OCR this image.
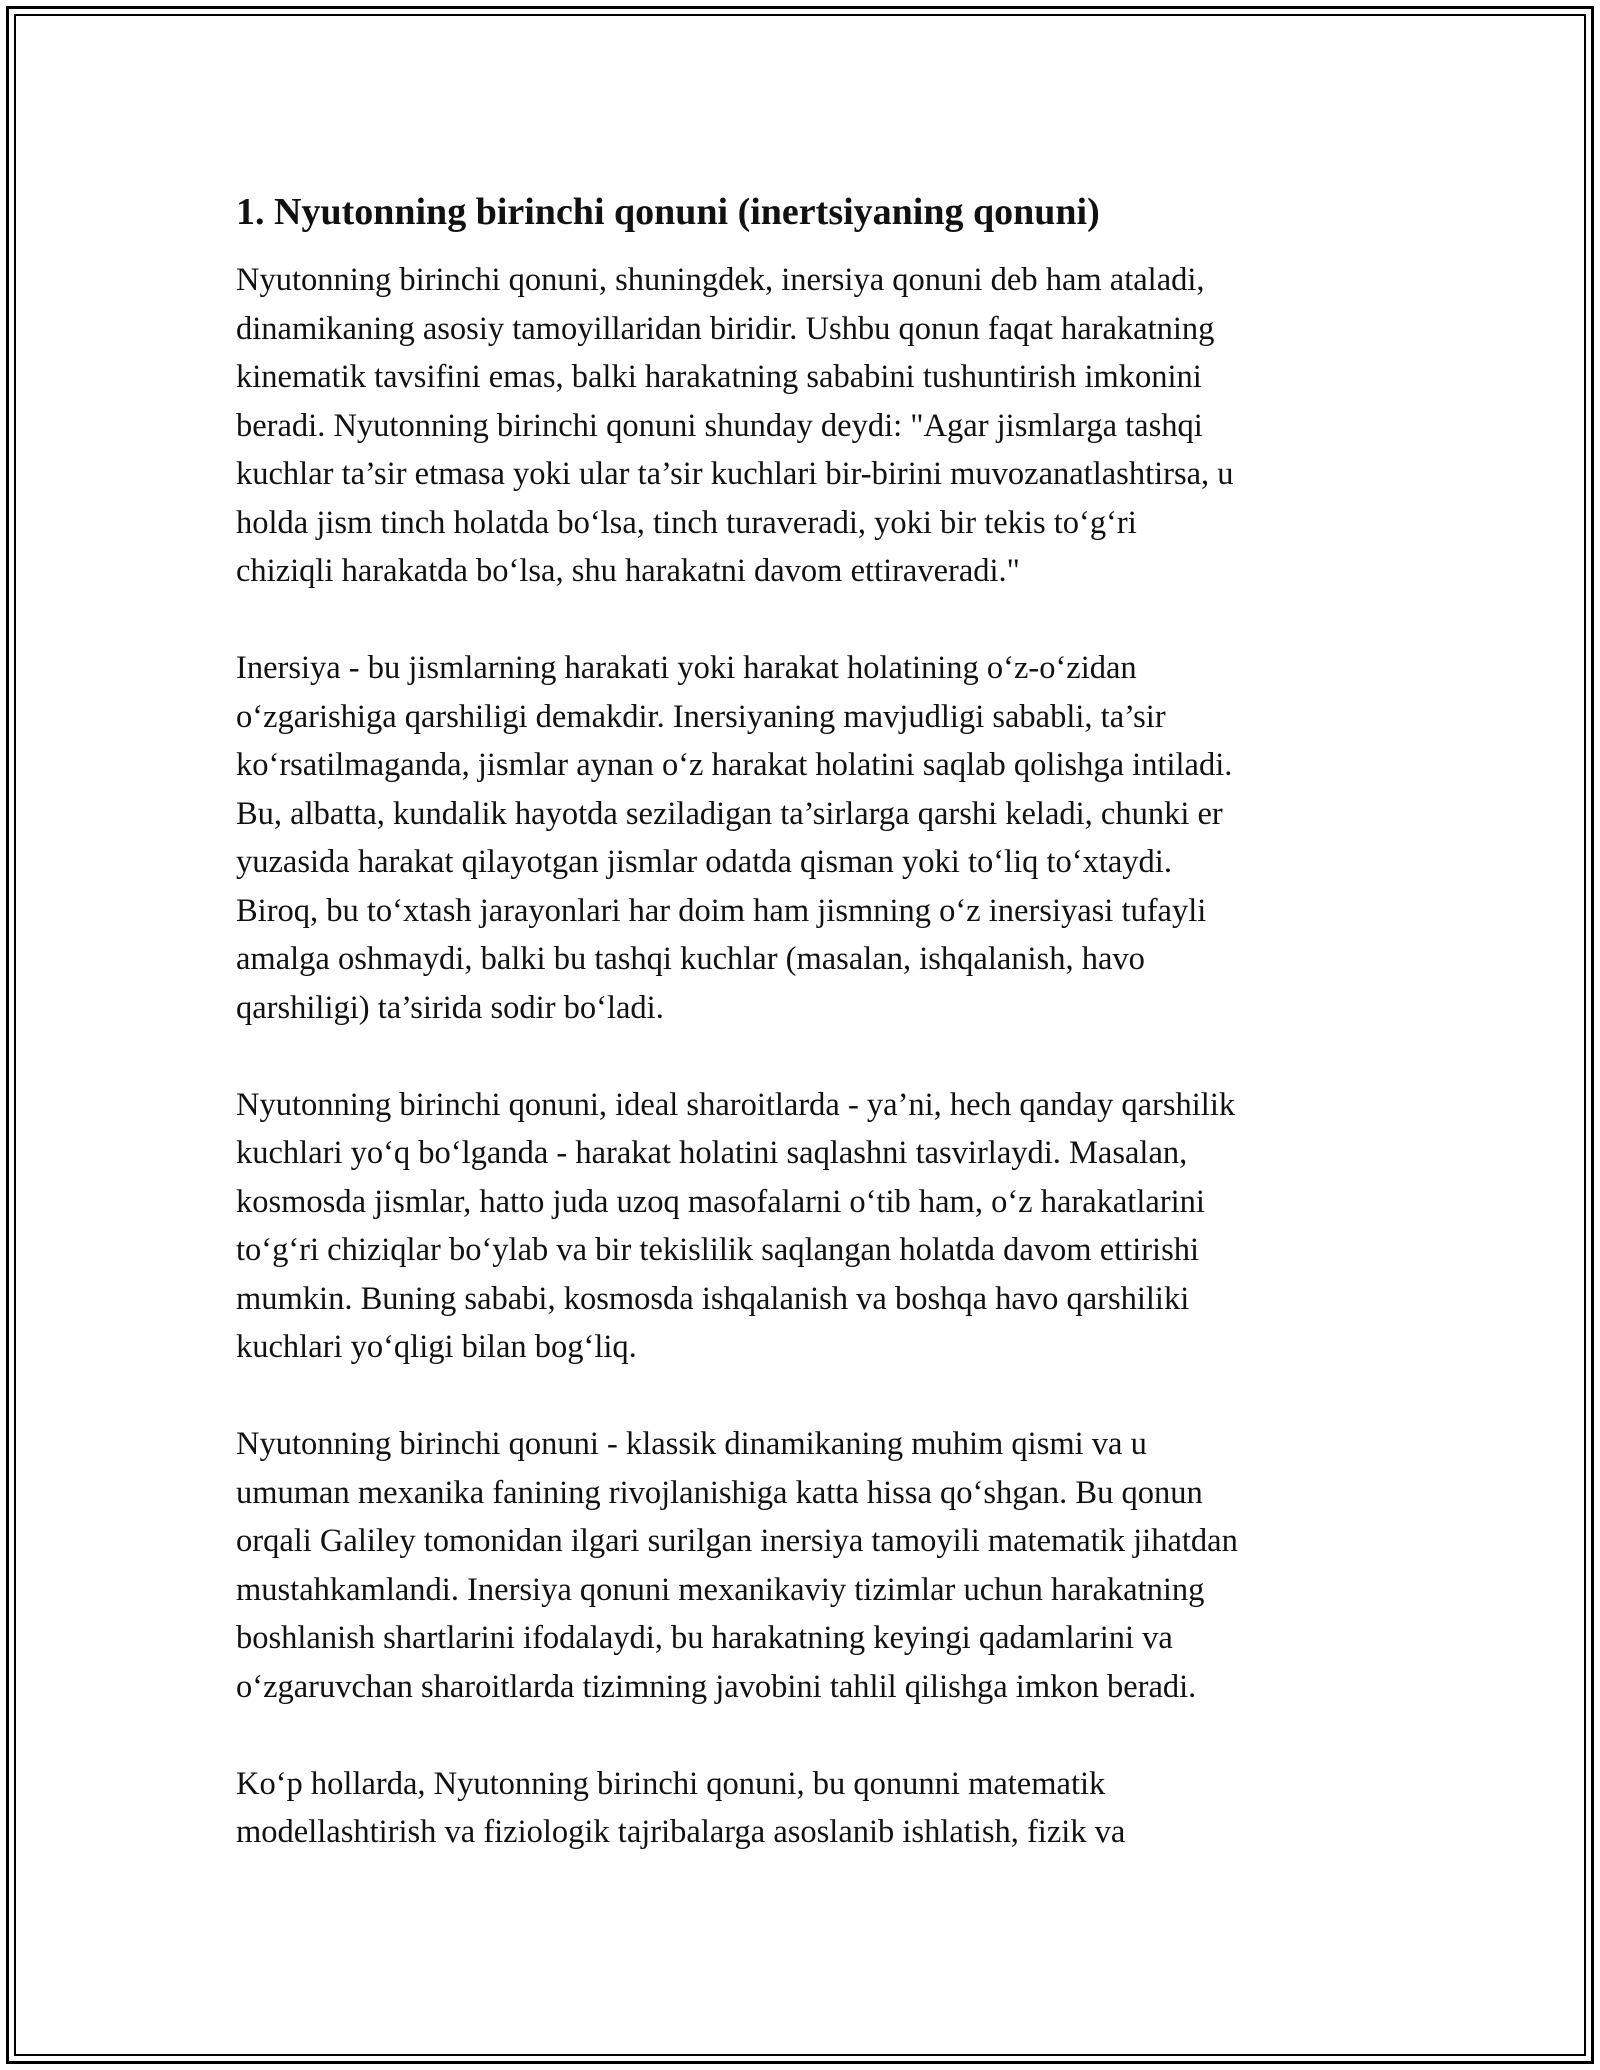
1. Nyutonning birinchi qonuni (inertsiyaning qonuni)

Nyutonning birinchi qonuni, shuningdek, inersiya qonuni deb ham ataladi,
dinamikaning asosiy tamoyillaridan biridir. Ushbu qonun faqat harakatning
kinematik tavsifini emas, balki harakatning sababini tushuntirish imkonini
beradi. Nyutonning birinchi qonuni shunday deydi: "Agar jismlarga tashqi
kuchlar ta’sir etmasa yoki ular ta’sir kuchlari bir-birini muvozanatlashtirsa, u
holda jism tinch holatda bo‘lsa, tinch turaveradi, yoki bir tekis to‘g‘ri
chiziqli harakatda bo‘lsa, shu harakatni davom ettiraveradi."

Inersiya - bu jismlarning harakati yoki harakat holatining o‘z-o‘zidan
o‘zgarishiga qarshiligi demakdir. Inersiyaning mavjudligi sababli, ta’sir
ko‘rsatilmaganda, jismlar aynan o‘z harakat holatini saqlab qolishga intiladi.
Bu, albatta, kundalik hayotda seziladigan ta’sirlarga qarshi keladi, chunki er
yuzasida harakat qilayotgan jismlar odatda qisman yoki to‘liq to‘xtaydi.
Biroq, bu to‘xtash jarayonlari har doim ham jismning o‘z inersiyasi tufayli
amalga oshmaydi, balki bu tashqi kuchlar (masalan, ishqalanish, havo
qarshiligi) ta’sirida sodir bo‘ladi.

Nyutonning birinchi qonuni, ideal sharoitlarda - ya’ni, hech qanday qarshilik
kuchlari yo‘q bo‘lganda - harakat holatini saqlashni tasvirlaydi. Masalan,
kosmosda jismlar, hatto juda uzoq masofalarni o‘tib ham, o‘z harakatlarini
to‘g‘ri chiziqlar bo‘ylab va bir tekislilik saqlangan holatda davom ettirishi
mumkin. Buning sababi, kosmosda ishqalanish va boshqa havo qarshiliki
kuchlari yo‘qligi bilan bog‘liq.

Nyutonning birinchi qonuni - klassik dinamikaning muhim qismi va u
umuman mexanika fanining rivojlanishiga katta hissa qo‘shgan. Bu qonun
orqali Galiley tomonidan ilgari surilgan inersiya tamoyili matematik jihatdan
mustahkamlandi. Inersiya qonuni mexanikaviy tizimlar uchun harakatning
boshlanish shartlarini ifodalaydi, bu harakatning keyingi qadamlarini va
o‘zgaruvchan sharoitlarda tizimning javobini tahlil qilishga imkon beradi.

Ko‘p hollarda, Nyutonning birinchi qonuni, bu qonunni matematik
modellashtirish va fiziologik tajribalarga asoslanib ishlatish, fizik va
